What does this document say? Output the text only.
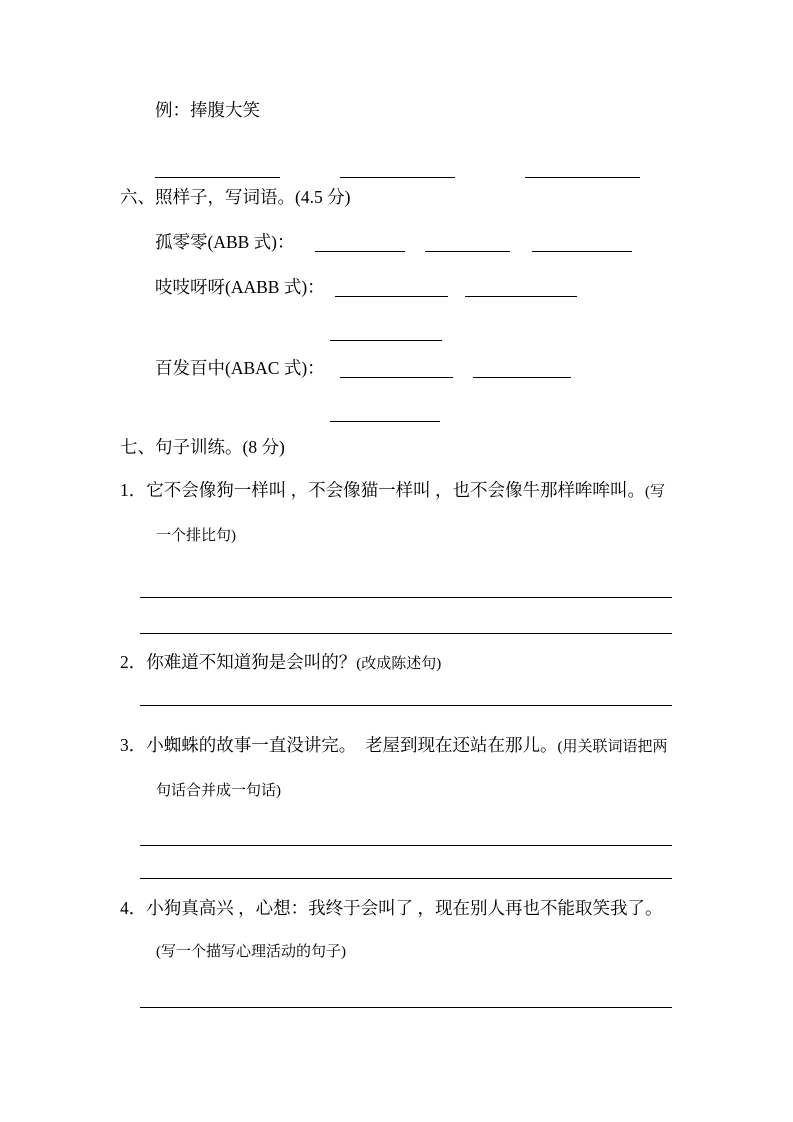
例：捧腹大笑
六、照样子，写词语。(4.5 分)
孤零零(ABB 式)：
吱吱呀呀(AABB 式)：
百发百中(ABAC 式)：
七、句子训练。(8 分)
1．它不会像狗一样叫 ，不会像猫一样叫 ，也不会像牛那样哞哞叫。(写一个排比句)
2．你难道不知道狗是会叫的？(改成陈述句)
3．小蜘蛛的故事一直没讲完。　老屋到现在还站在那儿。(用关联词语把两句话合并成一句话)
4．小狗真高兴 ，心想：我终于会叫了 ，现在别人再也不能取笑我了。(写一个描写心理活动的句子)
